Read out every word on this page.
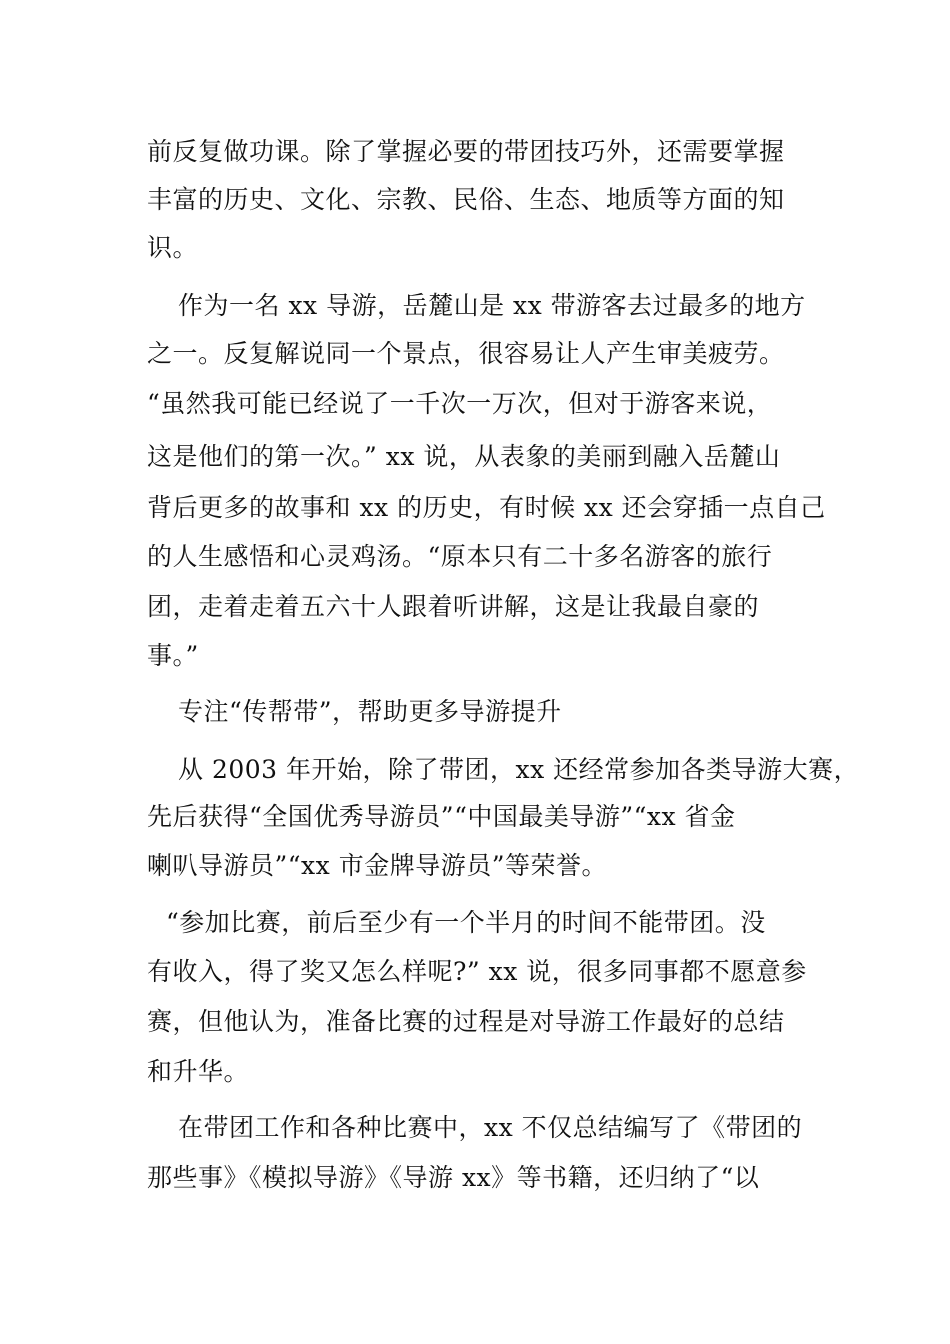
前反复做功课。除了掌握必要的带团技巧外，还需要掌握
丰富的历史、文化、宗教、民俗、生态、地质等方面的知
识。
作为一名 xx 导游，岳麓山是 xx 带游客去过最多的地方
之一。反复解说同一个景点，很容易让人产生审美疲劳。
“虽然我可能已经说了一千次一万次，但对于游客来说，
这是他们的第一次。” xx 说，从表象的美丽到融入岳麓山
背后更多的故事和 xx 的历史，有时候 xx 还会穿插一点自己
的人生感悟和心灵鸡汤。“原本只有二十多名游客的旅行
团，走着走着五六十人跟着听讲解，这是让我最自豪的
事。”
专注“传帮带”，帮助更多导游提升
从 2003 年开始，除了带团，xx 还经常参加各类导游大赛，
先后获得“全国优秀导游员”“中国最美导游”“xx 省金
喇叭导游员”“xx 市金牌导游员”等荣誉。
“参加比赛，前后至少有一个半月的时间不能带团。没
有收入，得了奖又怎么样呢?” xx 说，很多同事都不愿意参
赛，但他认为，准备比赛的过程是对导游工作最好的总结
和升华。
在带团工作和各种比赛中，xx 不仅总结编写了《带团的
那些事》《模拟导游》《导游 xx》等书籍，还归纳了“以
